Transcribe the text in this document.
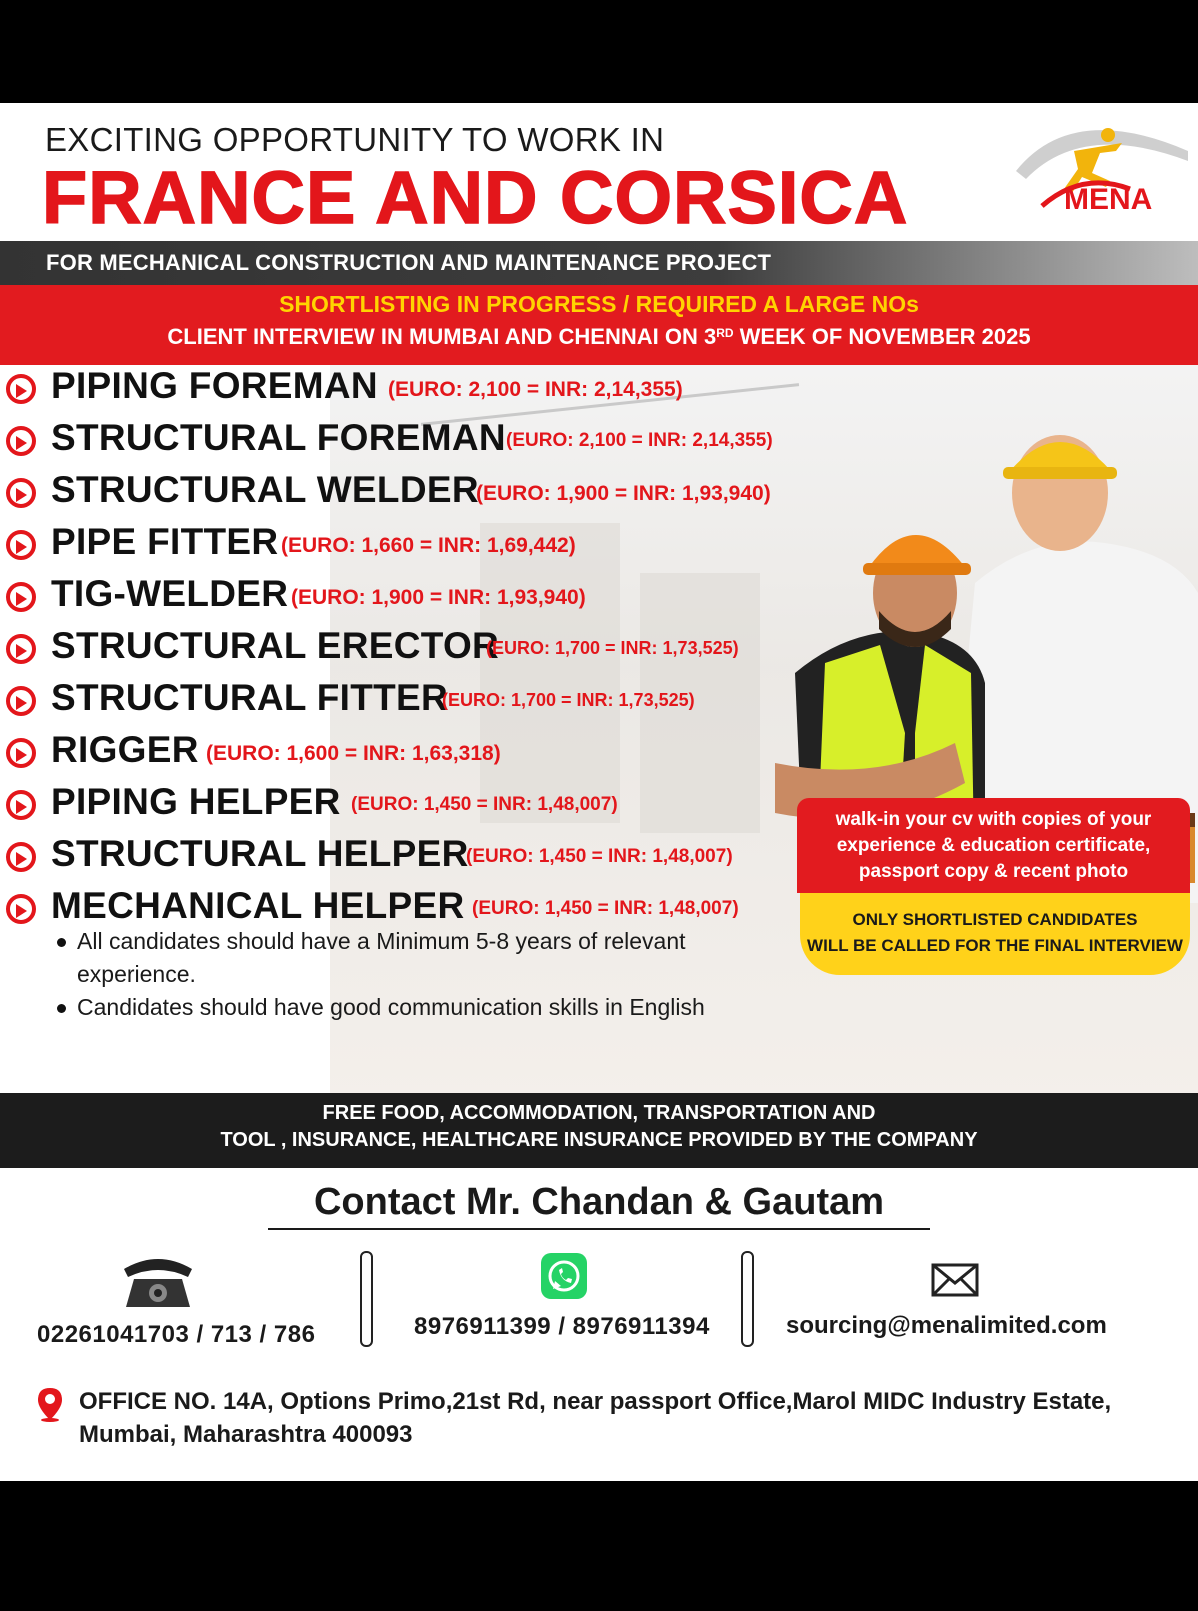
EXCITING OPPORTUNITY TO WORK IN
FRANCE AND CORSICA	MENA
FOR MECHANICAL CONSTRUCTION AND MAINTENANCE PROJECT
SHORTLISTING IN PROGRESS / REQUIRED A LARGE NOs
CLIENT INTERVIEW IN MUMBAI AND CHENNAI ON 3RD WEEK OF NOVEMBER 2025
PIPING FOREMAN (EURO: 2,100 = INR: 2,14,355)
STRUCTURAL FOREMAN (EURO: 2,100 = INR: 2,14,355)
STRUCTURAL WELDER
(EURO: 1,900 = INR: 1,93,940)
PIPE FITTER (EURO: 1,660 = INR: 1,69,442)
TIG-WELDER (EURO: 1,900 = INR: 1,93,940)
STRUCTURAL ERECTOR
(EURO: 1,700 = INR: 1,73,525)
STRUCTURAL FITTER
(EURO: 1,700 = INR: 1,73,525)
RIGGER (EURO: 1,600 = INR: 1,63,318)
PIPING HELPER (EURO: 1,450 = INR: 1,48,007)
STRUCTURAL HELPER
(EURO: 1,450 = INR: 1,48,007)
MECHANICAL HELPER (EURO: 1,450 = INR: 1,48,007)
All candidates should have a Minimum 5-8 years of relevant experience.
Candidates should have good communication skills in English
walk-in your cv with copies of your experience & education certificate, passport copy & recent photo
ONLY SHORTLISTED CANDIDATES
WILL BE CALLED FOR THE FINAL INTERVIEW
FREE FOOD, ACCOMMODATION, TRANSPORTATION AND
TOOL , INSURANCE, HEALTHCARE INSURANCE PROVIDED BY THE COMPANY
Contact Mr. Chandan & Gautam
02261041703 / 713 / 786	8976911399 / 8976911394	sourcing@menalimited.com
OFFICE NO. 14A, Options Primo,21st Rd, near passport Office,Marol MIDC Industry Estate, Mumbai, Maharashtra 400093
